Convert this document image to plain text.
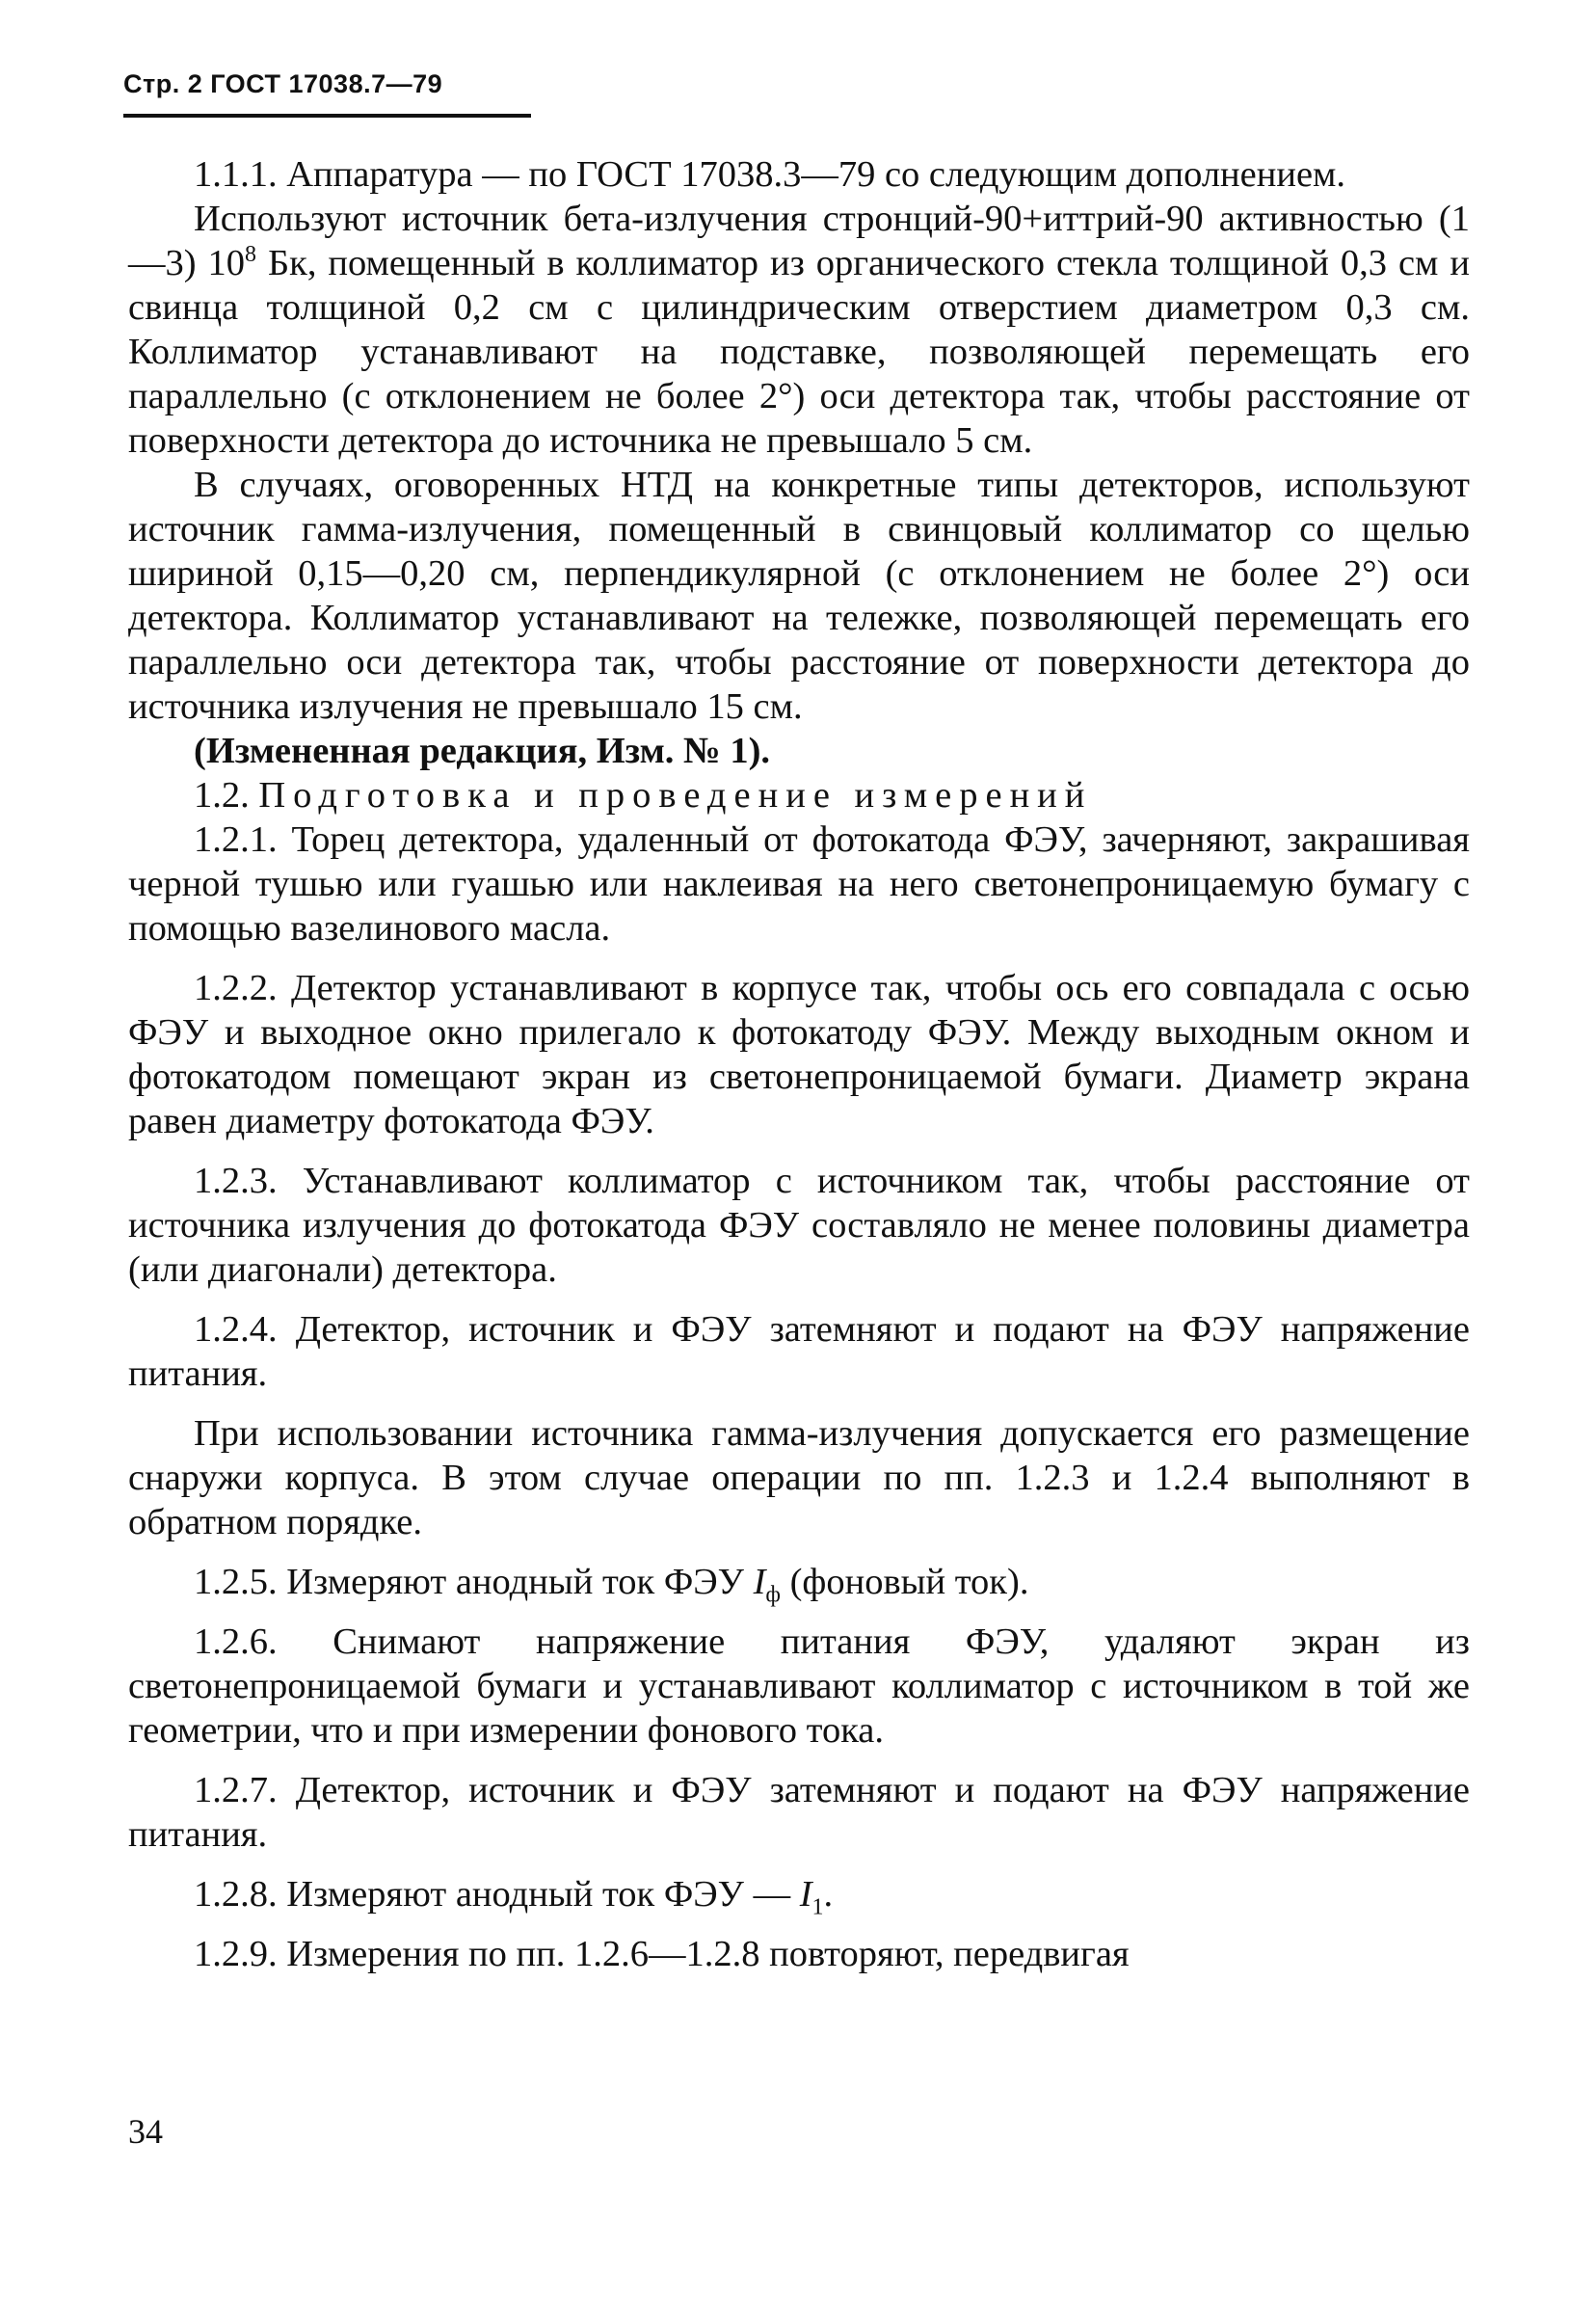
Стр. 2 ГОСТ 17038.7—79

1.1.1. Аппаратура — по ГОСТ 17038.3—79 со следующим дополнением.

Используют источник бета-излучения стронций-90+иттрий-90 активностью (1—3) $10^8$ Бк, помещенный в коллиматор из органического стекла толщиной 0,3 см и свинца толщиной 0,2 см с цилиндрическим отверстием диаметром 0,3 см. Коллиматор устанавливают на подставке, позволяющей перемещать его параллельно (с отклонением не более 2°) оси детектора так, чтобы расстояние от поверхности детектора до источника не превышало 5 см.

В случаях, оговоренных НТД на конкретные типы детекторов, используют источник гамма-излучения, помещенный в свинцовый коллиматор со щелью шириной 0,15—0,20 см, перпендикулярной (с отклонением не более 2°) оси детектора. Коллиматор устанавливают на тележке, позволяющей перемещать его параллельно оси детектора так, чтобы расстояние от поверхности детектора до источника излучения не превышало 15 см.

(Измененная редакция, Изм. № 1).

1.2. Подготовка и проведение измерений

1.2.1. Торец детектора, удаленный от фотокатода ФЭУ, зачерняют, закрашивая черной тушью или гуашью или наклеивая на него светонепроницаемую бумагу с помощью вазелинового масла.

1.2.2. Детектор устанавливают в корпусе так, чтобы ось его совпадала с осью ФЭУ и выходное окно прилегало к фотокатоду ФЭУ. Между выходным окном и фотокатодом помещают экран из светонепроницаемой бумаги. Диаметр экрана равен диаметру фотокатода ФЭУ.

1.2.3. Устанавливают коллиматор с источником так, чтобы расстояние от источника излучения до фотокатода ФЭУ составляло не менее половины диаметра (или диагонали) детектора.

1.2.4. Детектор, источник и ФЭУ затемняют и подают на ФЭУ напряжение питания.

При использовании источника гамма-излучения допускается его размещение снаружи корпуса. В этом случае операции по пп. 1.2.3 и 1.2.4 выполняют в обратном порядке.

1.2.5. Измеряют анодный ток ФЭУ $I_ф$ (фоновый ток).

1.2.6. Снимают напряжение питания ФЭУ, удаляют экран из светонепроницаемой бумаги и устанавливают коллиматор с источником в той же геометрии, что и при измерении фонового тока.

1.2.7. Детектор, источник и ФЭУ затемняют и подают на ФЭУ напряжение питания.

1.2.8. Измеряют анодный ток ФЭУ — $I_1$.

1.2.9. Измерения по пп. 1.2.6—1.2.8 повторяют, передвигая

34
